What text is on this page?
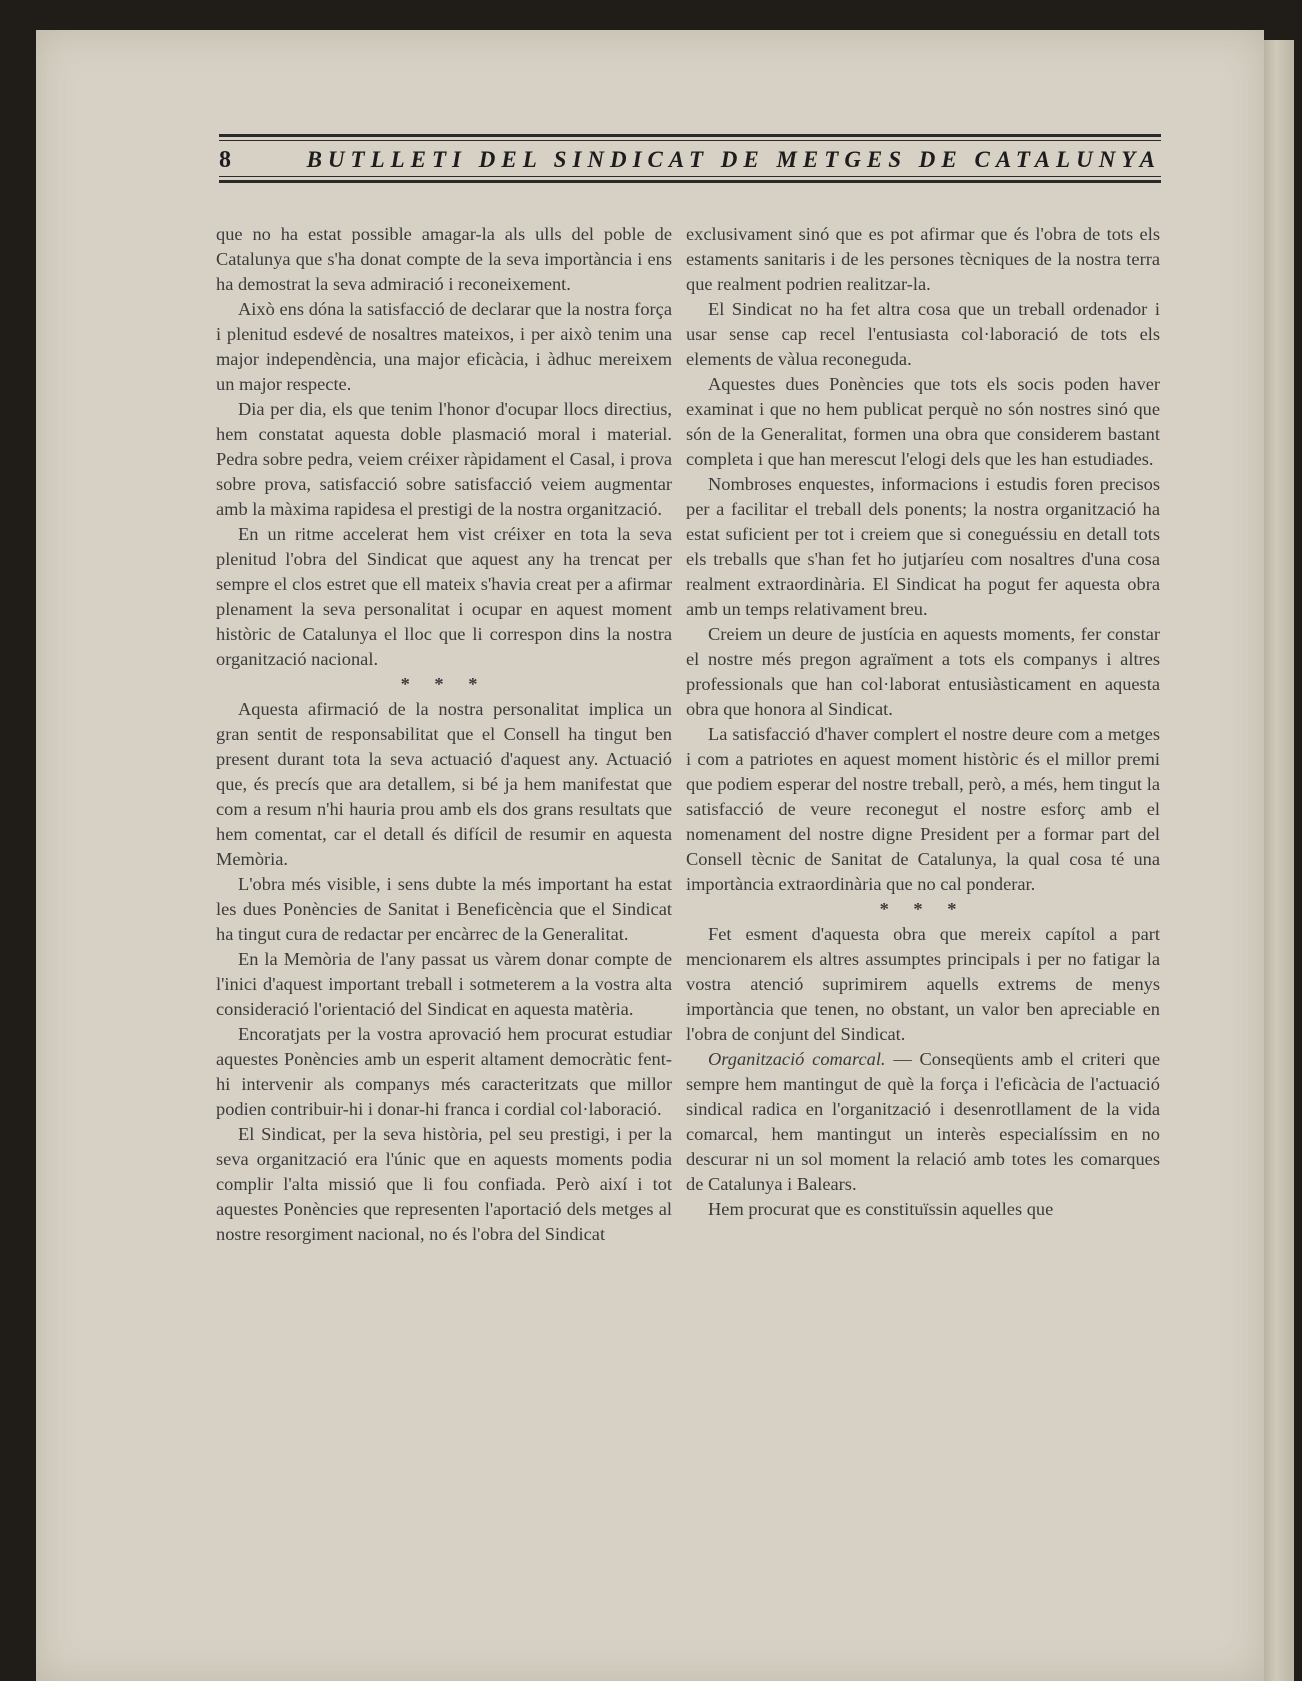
8	BUTLLETI DEL SINDICAT DE METGES DE CATALUNYA

que no ha estat possible amagar-la als ulls del poble de Catalunya que s'ha donat compte de la seva importància i ens ha demostrat la seva admiració i reconeixement.

Això ens dóna la satisfacció de declarar que la nostra força i plenitud esdevé de nosaltres mateixos, i per això tenim una major independència, una major eficàcia, i àdhuc mereixem un major respecte.

Dia per dia, els que tenim l'honor d'ocupar llocs directius, hem constatat aquesta doble plasmació moral i material. Pedra sobre pedra, veiem créixer ràpidament el Casal, i prova sobre prova, satisfacció sobre satisfacció veiem augmentar amb la màxima rapidesa el prestigi de la nostra organització.

En un ritme accelerat hem vist créixer en tota la seva plenitud l'obra del Sindicat que aquest any ha trencat per sempre el clos estret que ell mateix s'havia creat per a afirmar plenament la seva personalitat i ocupar en aquest moment històric de Catalunya el lloc que li correspon dins la nostra organització nacional.

* * *

Aquesta afirmació de la nostra personalitat implica un gran sentit de responsabilitat que el Consell ha tingut ben present durant tota la seva actuació d'aquest any. Actuació que, és precís que ara detallem, si bé ja hem manifestat que com a resum n'hi hauria prou amb els dos grans resultats que hem comentat, car el detall és difícil de resumir en aquesta Memòria.

L'obra més visible, i sens dubte la més important ha estat les dues Ponències de Sanitat i Beneficència que el Sindicat ha tingut cura de redactar per encàrrec de la Generalitat.

En la Memòria de l'any passat us vàrem donar compte de l'inici d'aquest important treball i sotmeterem a la vostra alta consideració l'orientació del Sindicat en aquesta matèria.

Encoratjats per la vostra aprovació hem procurat estudiar aquestes Ponències amb un esperit altament democràtic fent-hi intervenir als companys més caracteritzats que millor podien contribuir-hi i donar-hi franca i cordial col·laboració.

El Sindicat, per la seva història, pel seu prestigi, i per la seva organització era l'únic que en aquests moments podia complir l'alta missió que li fou confiada. Però així i tot aquestes Ponències que representen l'aportació dels metges al nostre resorgiment nacional, no és l'obra del Sindicat

exclusivament sinó que es pot afirmar que és l'obra de tots els estaments sanitaris i de les persones tècniques de la nostra terra que realment podrien realitzar-la.

El Sindicat no ha fet altra cosa que un treball ordenador i usar sense cap recel l'entusiasta col·laboració de tots els elements de vàlua reconeguda.

Aquestes dues Ponències que tots els socis poden haver examinat i que no hem publicat perquè no són nostres sinó que són de la Generalitat, formen una obra que considerem bastant completa i que han merescut l'elogi dels que les han estudiades.

Nombroses enquestes, informacions i estudis foren precisos per a facilitar el treball dels ponents; la nostra organització ha estat suficient per tot i creiem que si coneguéssiu en detall tots els treballs que s'han fet ho jutjaríeu com nosaltres d'una cosa realment extraordinària. El Sindicat ha pogut fer aquesta obra amb un temps relativament breu.

Creiem un deure de justícia en aquests moments, fer constar el nostre més pregon agraïment a tots els companys i altres professionals que han col·laborat entusiàsticament en aquesta obra que honora al Sindicat.

La satisfacció d'haver complert el nostre deure com a metges i com a patriotes en aquest moment històric és el millor premi que podiem esperar del nostre treball, però, a més, hem tingut la satisfacció de veure reconegut el nostre esforç amb el nomenament del nostre digne President per a formar part del Consell tècnic de Sanitat de Catalunya, la qual cosa té una importància extraordinària que no cal ponderar.

* * *

Fet esment d'aquesta obra que mereix capítol a part mencionarem els altres assumptes principals i per no fatigar la vostra atenció suprimirem aquells extrems de menys importància que tenen, no obstant, un valor ben apreciable en l'obra de conjunt del Sindicat.

Organització comarcal. — Conseqüents amb el criteri que sempre hem mantingut de què la força i l'eficàcia de l'actuació sindical radica en l'organització i desenrotllament de la vida comarcal, hem mantingut un interès especialíssim en no descurar ni un sol moment la relació amb totes les comarques de Catalunya i Balears.

Hem procurat que es constituïssin aquelles que
